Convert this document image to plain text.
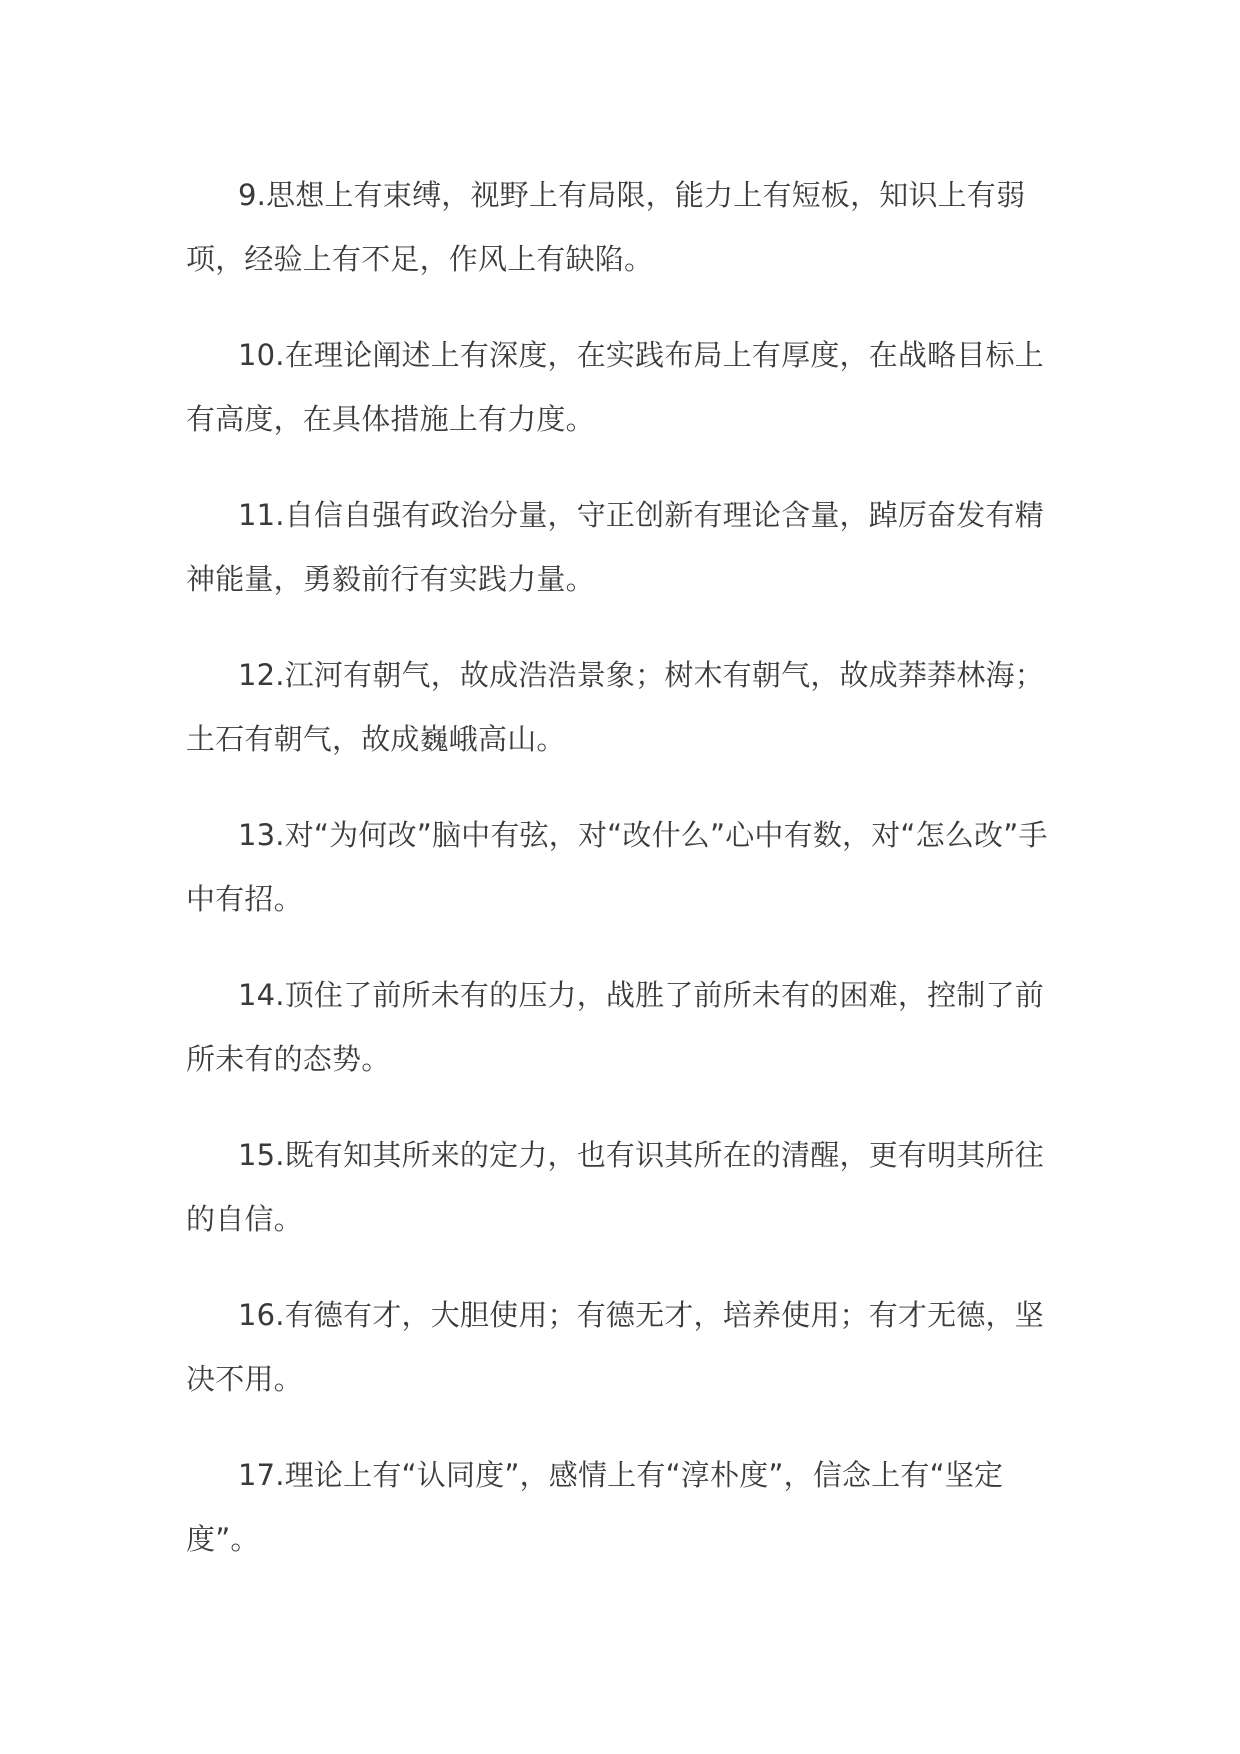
9.思想上有束缚，视野上有局限，能力上有短板，知识上有弱项，经验上有不足，作风上有缺陷。

10.在理论阐述上有深度，在实践布局上有厚度，在战略目标上有高度，在具体措施上有力度。

11.自信自强有政治分量，守正创新有理论含量，踔厉奋发有精神能量，勇毅前行有实践力量。

12.江河有朝气，故成浩浩景象；树木有朝气，故成莽莽林海；土石有朝气，故成巍峨高山。

13.对“为何改”脑中有弦，对“改什么”心中有数，对“怎么改”手中有招。

14.顶住了前所未有的压力，战胜了前所未有的困难，控制了前所未有的态势。

15.既有知其所来的定力，也有识其所在的清醒，更有明其所往的自信。

16.有德有才，大胆使用；有德无才，培养使用；有才无德，坚决不用。

17.理论上有“认同度”，感情上有“淳朴度”，信念上有“坚定度”。
